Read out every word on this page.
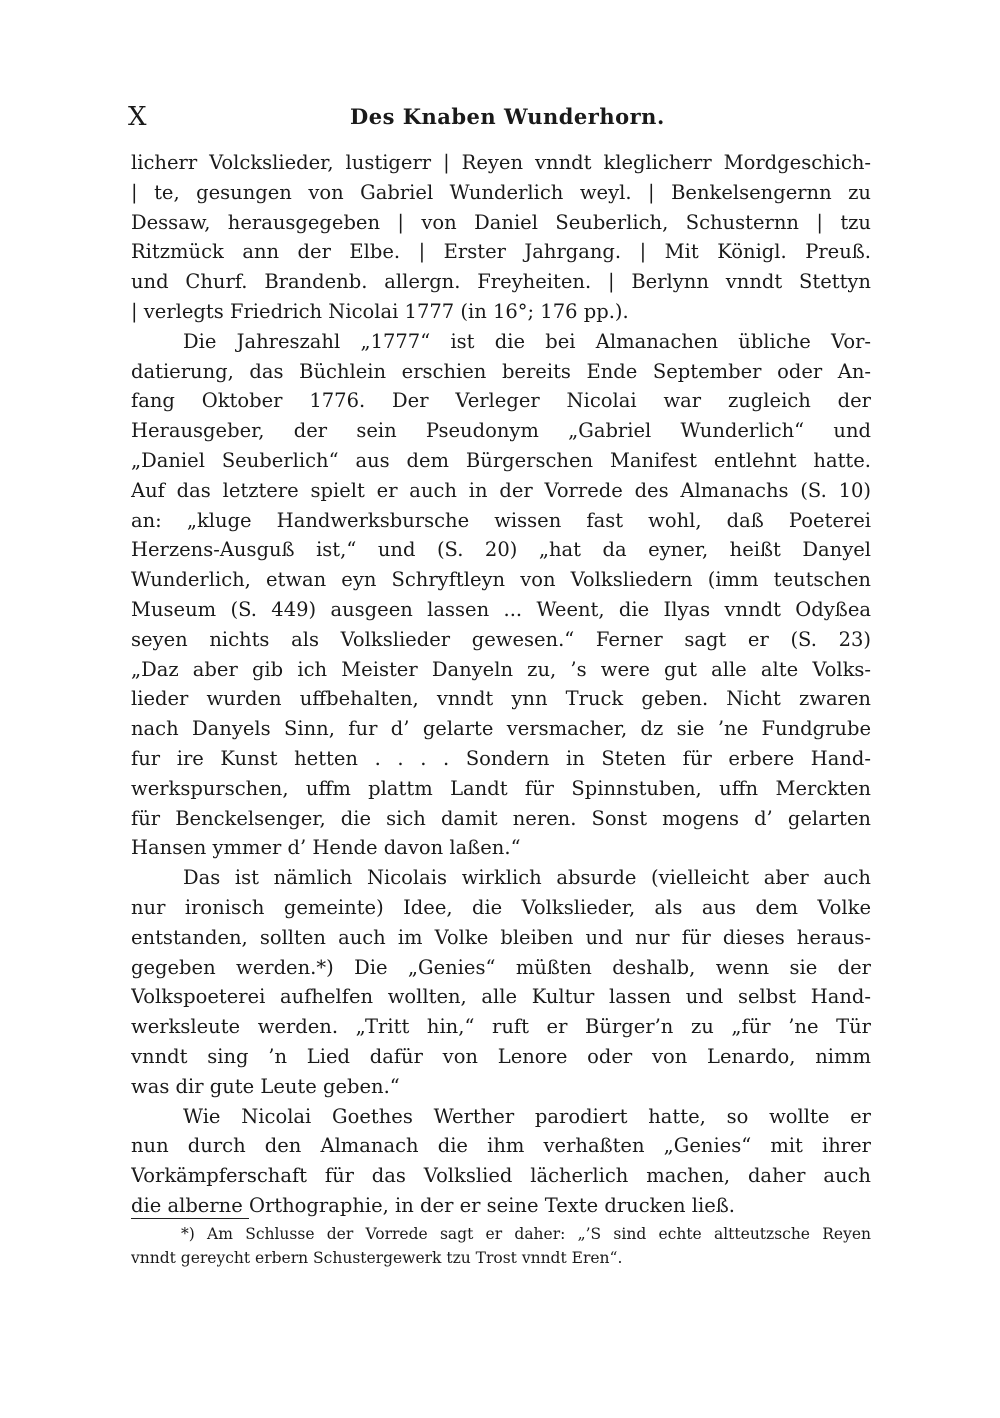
X	Des Knaben Wunderhorn.
licherr Volckslieder, lustigerr | Reyen vnndt kleglicherr Mordgeschich-
| te, gesungen von Gabriel Wunderlich weyl. | Benkelsengernn zu
Dessaw, herausgegeben | von Daniel Seuberlich, Schusternn | tzu
Ritzmück ann der Elbe. | Erster Jahrgang. | Mit Königl. Preuß.
und Churf. Brandenb. allergn. Freyheiten. | Berlynn vnndt Stettyn
| verlegts Friedrich Nicolai 1777 (in 16°; 176 pp.).
Die Jahreszahl „1777“ ist die bei Almanachen übliche Vor-
datierung, das Büchlein erschien bereits Ende September oder An-
fang Oktober 1776. Der Verleger Nicolai war zugleich der
Herausgeber, der sein Pseudonym „Gabriel Wunderlich“ und
„Daniel Seuberlich“ aus dem Bürgerschen Manifest entlehnt hatte.
Auf das letztere spielt er auch in der Vorrede des Almanachs (S. 10)
an: „kluge Handwerksbursche wissen fast wohl, daß Poeterei
Herzens-Ausguß ist,“ und (S. 20) „hat da eyner, heißt Danyel
Wunderlich, etwan eyn Schryftleyn von Volksliedern (imm teutschen
Museum (S. 449) ausgeen lassen ... Weent, die Ilyas vnndt Odyßea
seyen nichts als Volkslieder gewesen.“ Ferner sagt er (S. 23)
„Daz aber gib ich Meister Danyeln zu, ’s were gut alle alte Volks-
lieder wurden uffbehalten, vnndt ynn Truck geben. Nicht zwaren
nach Danyels Sinn, fur d’ gelarte versmacher, dz sie ’ne Fundgrube
fur ire Kunst hetten . . . . Sondern in Steten für erbere Hand-
werkspurschen, uffm plattm Landt für Spinnstuben, uffn Merckten
für Benckelsenger, die sich damit neren. Sonst mogens d’ gelarten
Hansen ymmer d’ Hende davon laßen.“
Das ist nämlich Nicolais wirklich absurde (vielleicht aber auch
nur ironisch gemeinte) Idee, die Volkslieder, als aus dem Volke
entstanden, sollten auch im Volke bleiben und nur für dieses heraus-
gegeben werden.*) Die „Genies“ müßten deshalb, wenn sie der
Volkspoeterei aufhelfen wollten, alle Kultur lassen und selbst Hand-
werksleute werden. „Tritt hin,“ ruft er Bürger’n zu „für ’ne Tür
vnndt sing ’n Lied dafür von Lenore oder von Lenardo, nimm
was dir gute Leute geben.“
Wie Nicolai Goethes Werther parodiert hatte, so wollte er
nun durch den Almanach die ihm verhaßten „Genies“ mit ihrer
Vorkämpferschaft für das Volkslied lächerlich machen, daher auch
die alberne Orthographie, in der er seine Texte drucken ließ.
*) Am Schlusse der Vorrede sagt er daher: „’S sind echte altteutzsche Reyen
vnndt gereycht erbern Schustergewerk tzu Trost vnndt Eren“.
